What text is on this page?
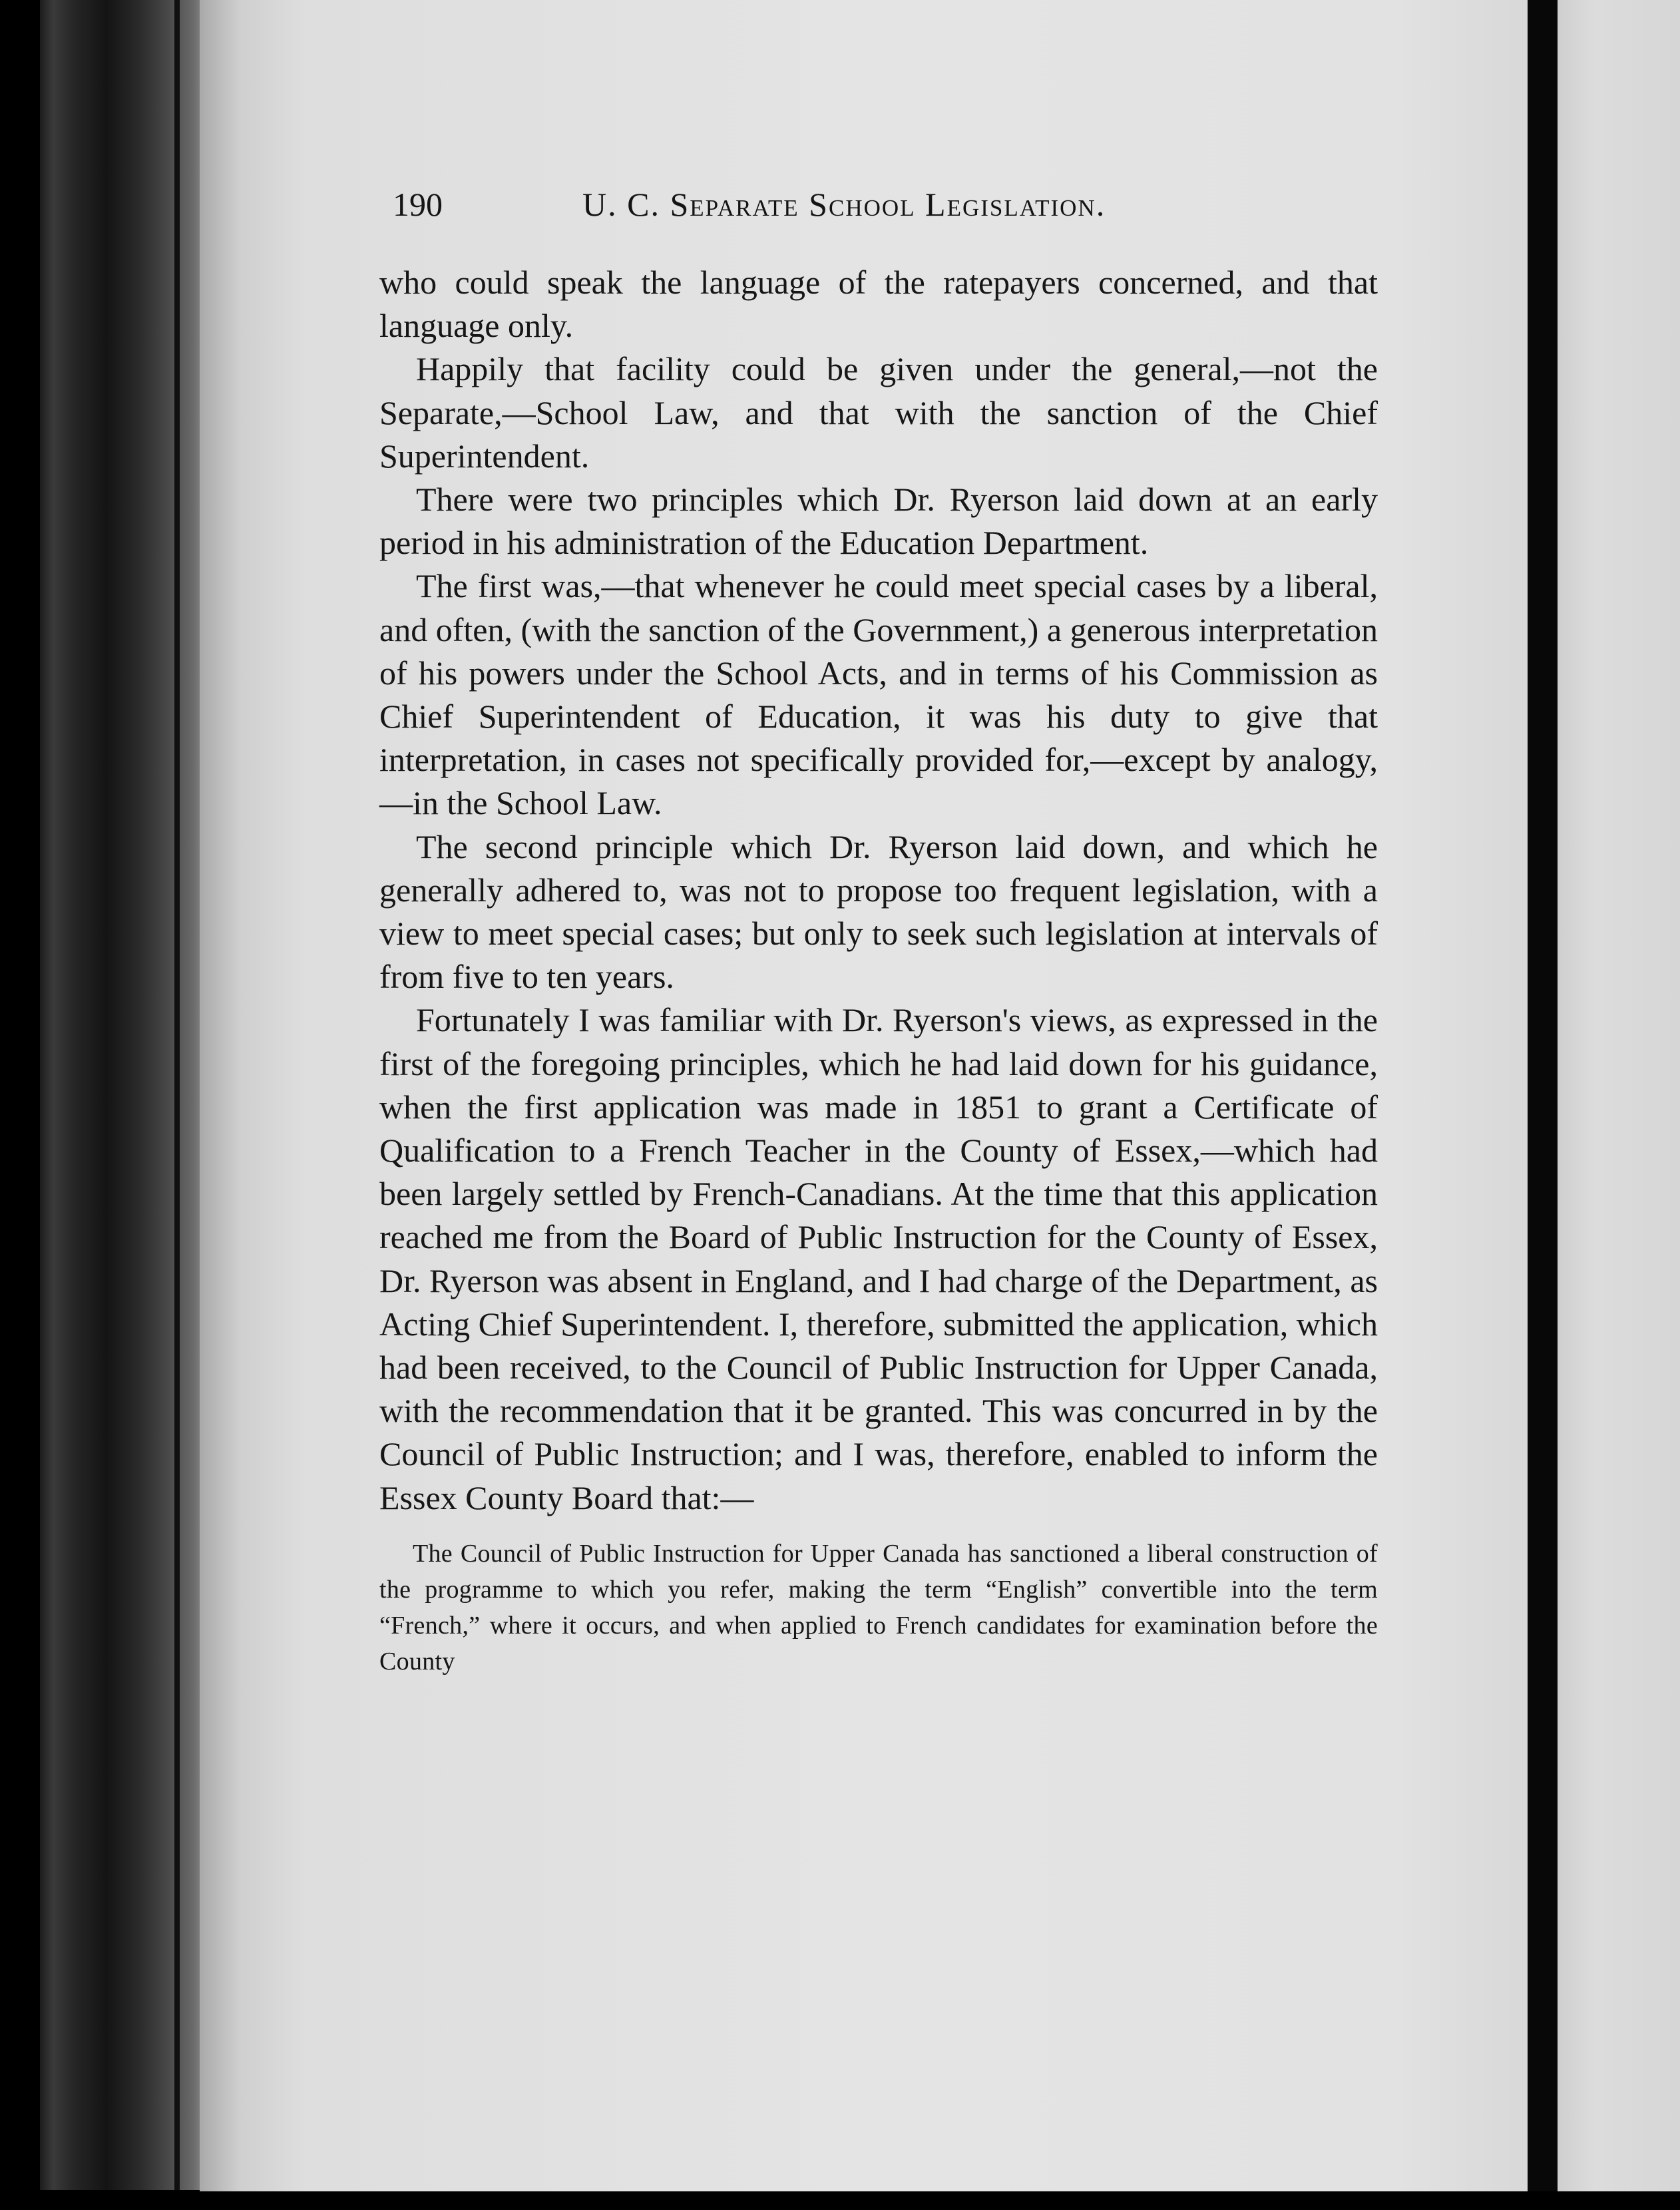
190	U. C. Separate School Legislation.

who could speak the language of the ratepayers concerned, and that language only.

Happily that facility could be given under the general,—not the Separate,—School Law, and that with the sanction of the Chief Superintendent.

There were two principles which Dr. Ryerson laid down at an early period in his administration of the Education Department.

The first was,—that whenever he could meet special cases by a liberal, and often, (with the sanction of the Government,) a generous interpretation of his powers under the School Acts, and in terms of his Commission as Chief Superintendent of Education, it was his duty to give that interpretation, in cases not specifically provided for,—except by analogy,—in the School Law.

The second principle which Dr. Ryerson laid down, and which he generally adhered to, was not to propose too frequent legislation, with a view to meet special cases; but only to seek such legislation at intervals of from five to ten years.

Fortunately I was familiar with Dr. Ryerson's views, as expressed in the first of the foregoing principles, which he had laid down for his guidance, when the first application was made in 1851 to grant a Certificate of Qualification to a French Teacher in the County of Essex,—which had been largely settled by French-Canadians. At the time that this application reached me from the Board of Public Instruction for the County of Essex, Dr. Ryerson was absent in England, and I had charge of the Department, as Acting Chief Superintendent. I, therefore, submitted the application, which had been received, to the Council of Public Instruction for Upper Canada, with the recommendation that it be granted. This was concurred in by the Council of Public Instruction; and I was, therefore, enabled to inform the Essex County Board that:—

The Council of Public Instruction for Upper Canada has sanctioned a liberal construction of the programme to which you refer, making the term “English” convertible into the term “French,” where it occurs, and when applied to French candidates for examination before the County
